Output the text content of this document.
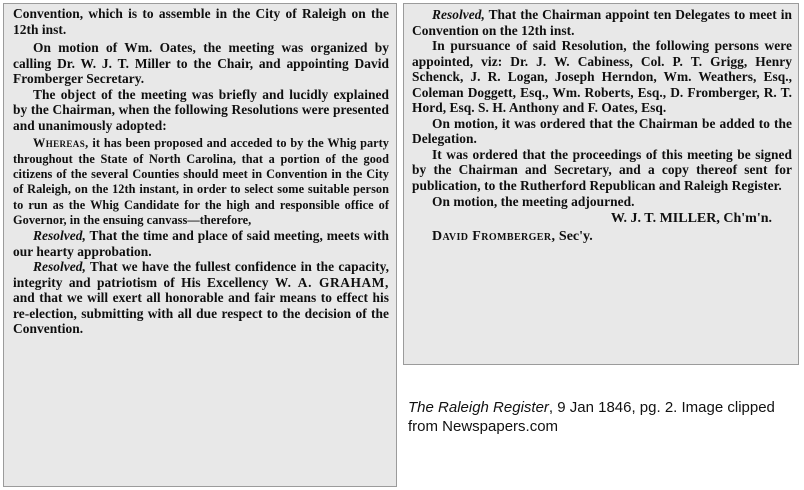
Convention, which is to assemble in the City of Raleigh on the 12th inst.

On motion of Wm. Oates, the meeting was organized by calling Dr. W. J. T. Miller to the Chair, and appointing David Fromberger Secretary.

The object of the meeting was briefly and lucidly explained by the Chairman, when the following Resolutions were presented and unanimously adopted:

Whereas, it has been proposed and acceded to by the Whig party throughout the State of North Carolina, that a portion of the good citizens of the several Counties should meet in Convention in the City of Raleigh, on the 12th instant, in order to select some suitable person to run as the Whig Candidate for the high and responsible office of Governor, in the ensuing canvass—therefore,

Resolved, That the time and place of said meeting, meets with our hearty approbation.

Resolved, That we have the fullest confidence in the capacity, integrity and patriotism of His Excellency W. A. GRAHAM, and that we will exert all honorable and fair means to effect his re-election, submitting with all due respect to the decision of the Convention.

Resolved, That the Chairman appoint ten Delegates to meet in Convention on the 12th inst.

In pursuance of said Resolution, the following persons were appointed, viz: Dr. J. W. Cabiness, Col. P. T. Grigg, Henry Schenck, J. R. Logan, Joseph Herndon, Wm. Weathers, Esq., Coleman Doggett, Esq., Wm. Roberts, Esq., D. Fromberger, R. T. Hord, Esq. S. H. Anthony and F. Oates, Esq.

On motion, it was ordered that the Chairman be added to the Delegation.

It was ordered that the proceedings of this meeting be signed by the Chairman and Secretary, and a copy thereof sent for publication, to the Rutherford Republican and Raleigh Register.

On motion, the meeting adjourned.

W. J. T. MILLER, Ch'm'n.

David Fromberger, Sec'y.

The Raleigh Register, 9 Jan 1846, pg. 2. Image clipped from Newspapers.com
